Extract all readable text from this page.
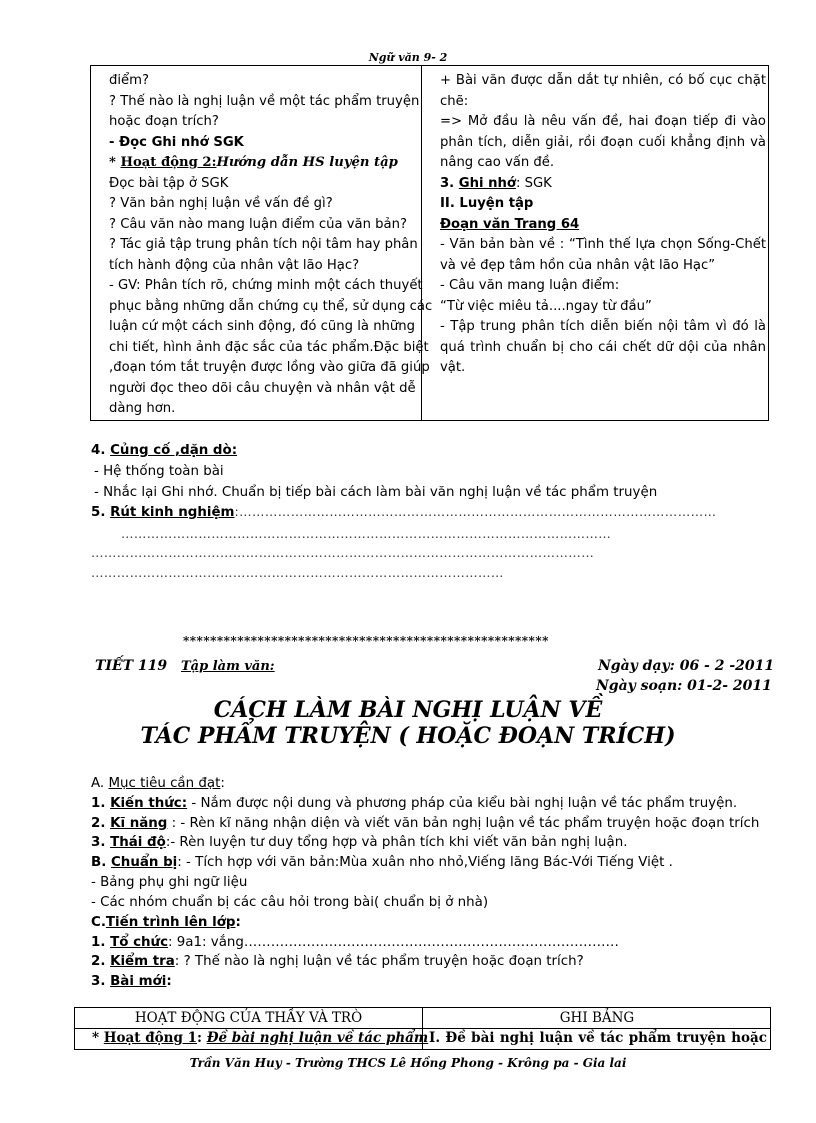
Ngữ văn 9- 2
điểm?
? Thế nào là nghị luận về một tác phẩm truyện
hoặc đoạn trích?
- Đọc Ghi nhớ SGK
* Hoạt động 2:Hướng dẫn HS luyện tập
Đọc bài tập ở SGK
? Văn bản nghị luận về vấn đề gì?
? Câu văn nào mang luận điểm của văn bản?
? Tác giả tập trung phân tích nội tâm hay phân
tích hành động của nhân vật lão Hạc?
- GV: Phân tích rõ, chứng minh một cách thuyết
phục bằng những dẫn chứng cụ thể, sử dụng các
luận cứ một cách sinh động, đó cũng là những
chi tiết, hình ảnh đặc sắc của tác phẩm.Đặc biệt
,đoạn tóm tắt truyện được lồng vào giữa đã giúp
người đọc theo dõi câu chuyện và nhân vật dễ
dàng hơn.
+ Bài văn được dẫn dắt tự nhiên, có bố cục chặt
chẽ:
=> Mở đầu là nêu vấn đề, hai đoạn tiếp đi vào
phân tích, diễn giải, rồi đoạn cuối khẳng định và
nâng cao vấn đề.
3. Ghi nhớ: SGK
II. Luyện tập
Đoạn văn Trang 64
- Văn bản bàn về : “Tình thế lựa chọn Sống-Chết
và vẻ đẹp tâm hồn của nhân vật lão Hạc”
- Câu văn mang luận điểm:
“Từ việc miêu tả....ngay từ đầu”
- Tập trung phân tích diễn biến nội tâm vì đó là
quá trình chuẩn bị cho cái chết dữ dội của nhân
vật.
4. Củng cố ,dặn dò:
- Hệ thống toàn bài
- Nhắc lại Ghi nhớ. Chuẩn bị tiếp bài cách làm bài văn nghị luận về tác phẩm truyện
5. Rút kinh nghiệm:…………………………………………………………………………………………………
……………………………………………………………………………………………………
………………………………………………………………………………………………………
……………………………………………………………………………………
******************************************************
TIẾT 119 Tập làm văn:	Ngày dạy: 06 - 2 -2011
Ngày soạn: 01-2- 2011
CÁCH LÀM BÀI NGHỊ LUẬN VỀ
TÁC PHẨM TRUYỆN ( HOẶC ĐOẠN TRÍCH)
A. Mục tiêu cần đạt:
1. Kiến thức: - Nắm được nội dung và phương pháp của kiểu bài nghị luận về tác phẩm truyện.
2. Kĩ năng : - Rèn kĩ năng nhận diện và viết văn bản nghị luận về tác phẩm truyện hoặc đoạn trích
3. Thái độ:- Rèn luyện tư duy tổng hợp và phân tích khi viết văn bản nghị luận.
B. Chuẩn bị: - Tích hợp với văn bản:Mùa xuân nho nhỏ,Viếng lăng Bác-Với Tiếng Việt .
- Bảng phụ ghi ngữ liệu
- Các nhóm chuẩn bị các câu hỏi trong bài( chuẩn bị ở nhà)
C.Tiến trình lên lớp:
1. Tổ chức: 9a1: vắng…………………………………………………………………………
2. Kiểm tra: ? Thế nào là nghị luận về tác phẩm truyện hoặc đoạn trích?
3. Bài mới:
HOẠT ĐỘNG CỦA THẦY VÀ TRÒ	GHI BẢNG
* Hoạt động 1: Đề bài nghị luận về tác phẩm I. Đề bài nghị luận về tác phẩm truyện hoặc
Trần Văn Huy - Trường THCS Lê Hồng Phong - Krông pa - Gia lai
